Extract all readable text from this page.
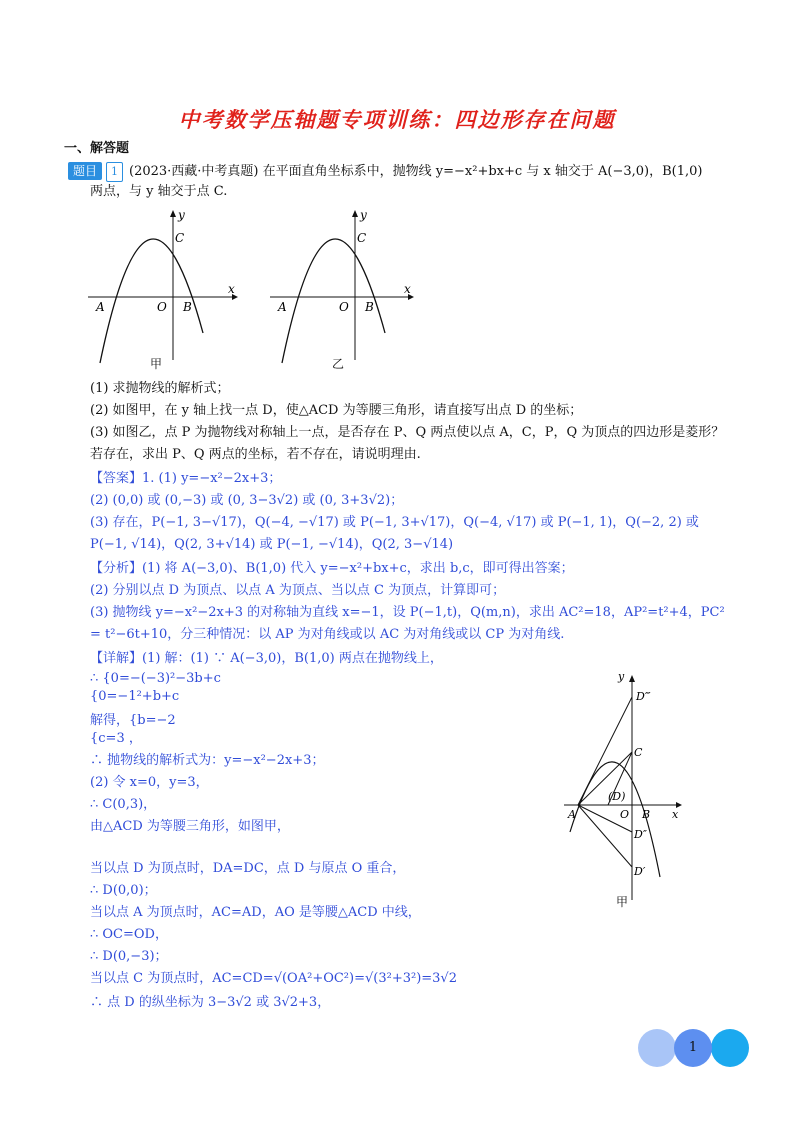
中考数学压轴题专项训练：四边形存在问题
一、解答题
题目 1 (2023·西藏·中考真题) 在平面直角坐标系中，抛物线 y=−x²+bx+c 与 x 轴交于 A(−3,0)，B(1,0)
两点，与 y 轴交于点 C.
A	O B
C
y
x
甲
A	O B
C
y
x
乙
(1) 求抛物线的解析式；
(2) 如图甲，在 y 轴上找一点 D，使△ACD 为等腰三角形，请直接写出点 D 的坐标；
(3) 如图乙，点 P 为抛物线对称轴上一点，是否存在 P、Q 两点使以点 A，C，P，Q 为顶点的四边形是菱形？
若存在，求出 P、Q 两点的坐标，若不存在，请说明理由.
【答案】1. (1) y=−x²−2x+3；
(2) (0,0) 或 (0,−3) 或 (0, 3−3√2) 或 (0, 3+3√2)；
(3) 存在，P(−1, 3−√17)，Q(−4, −√17) 或 P(−1, 3+√17)，Q(−4, √17) 或 P(−1, 1)，Q(−2, 2) 或
P(−1, √14)，Q(2, 3+√14) 或 P(−1, −√14)，Q(2, 3−√14)
【分析】(1) 将 A(−3,0)、B(1,0) 代入 y=−x²+bx+c，求出 b,c，即可得出答案；
(2) 分别以点 D 为顶点、以点 A 为顶点、当以点 C 为顶点，计算即可；
(3) 抛物线 y=−x²−2x+3 的对称轴为直线 x=−1，设 P(−1,t)，Q(m,n)，求出 AC²=18，AP²=t²+4，PC²
= t²−6t+10，分三种情况：以 AP 为对角线或以 AC 为对角线或以 CP 为对角线.
【详解】(1) 解：(1) ∵ A(−3,0)，B(1,0) 两点在抛物线上，
∴ {0=−(−3)²−3b+c
{0=−1²+b+c
解得，{b=−2
{c=3 ，
∴ 抛物线的解析式为：y=−x²−2x+3；
(2) 令 x=0，y=3，
∴ C(0,3)，
由△ACD 为等腰三角形，如图甲，
当以点 D 为顶点时，DA=DC，点 D 与原点 O 重合，
∴ D(0,0)；
当以点 A 为顶点时，AC=AD，AO 是等腰△ACD 中线，
∴ OC=OD，
∴ D(0,−3)；
当以点 C 为顶点时，AC=CD=√(OA²+OC²)=√(3²+3²)=3√2
∴ 点 D 的纵坐标为 3−3√2 或 3√2+3，
y
D‴
C
(D)
A	O B x
D″
D′
甲
1
